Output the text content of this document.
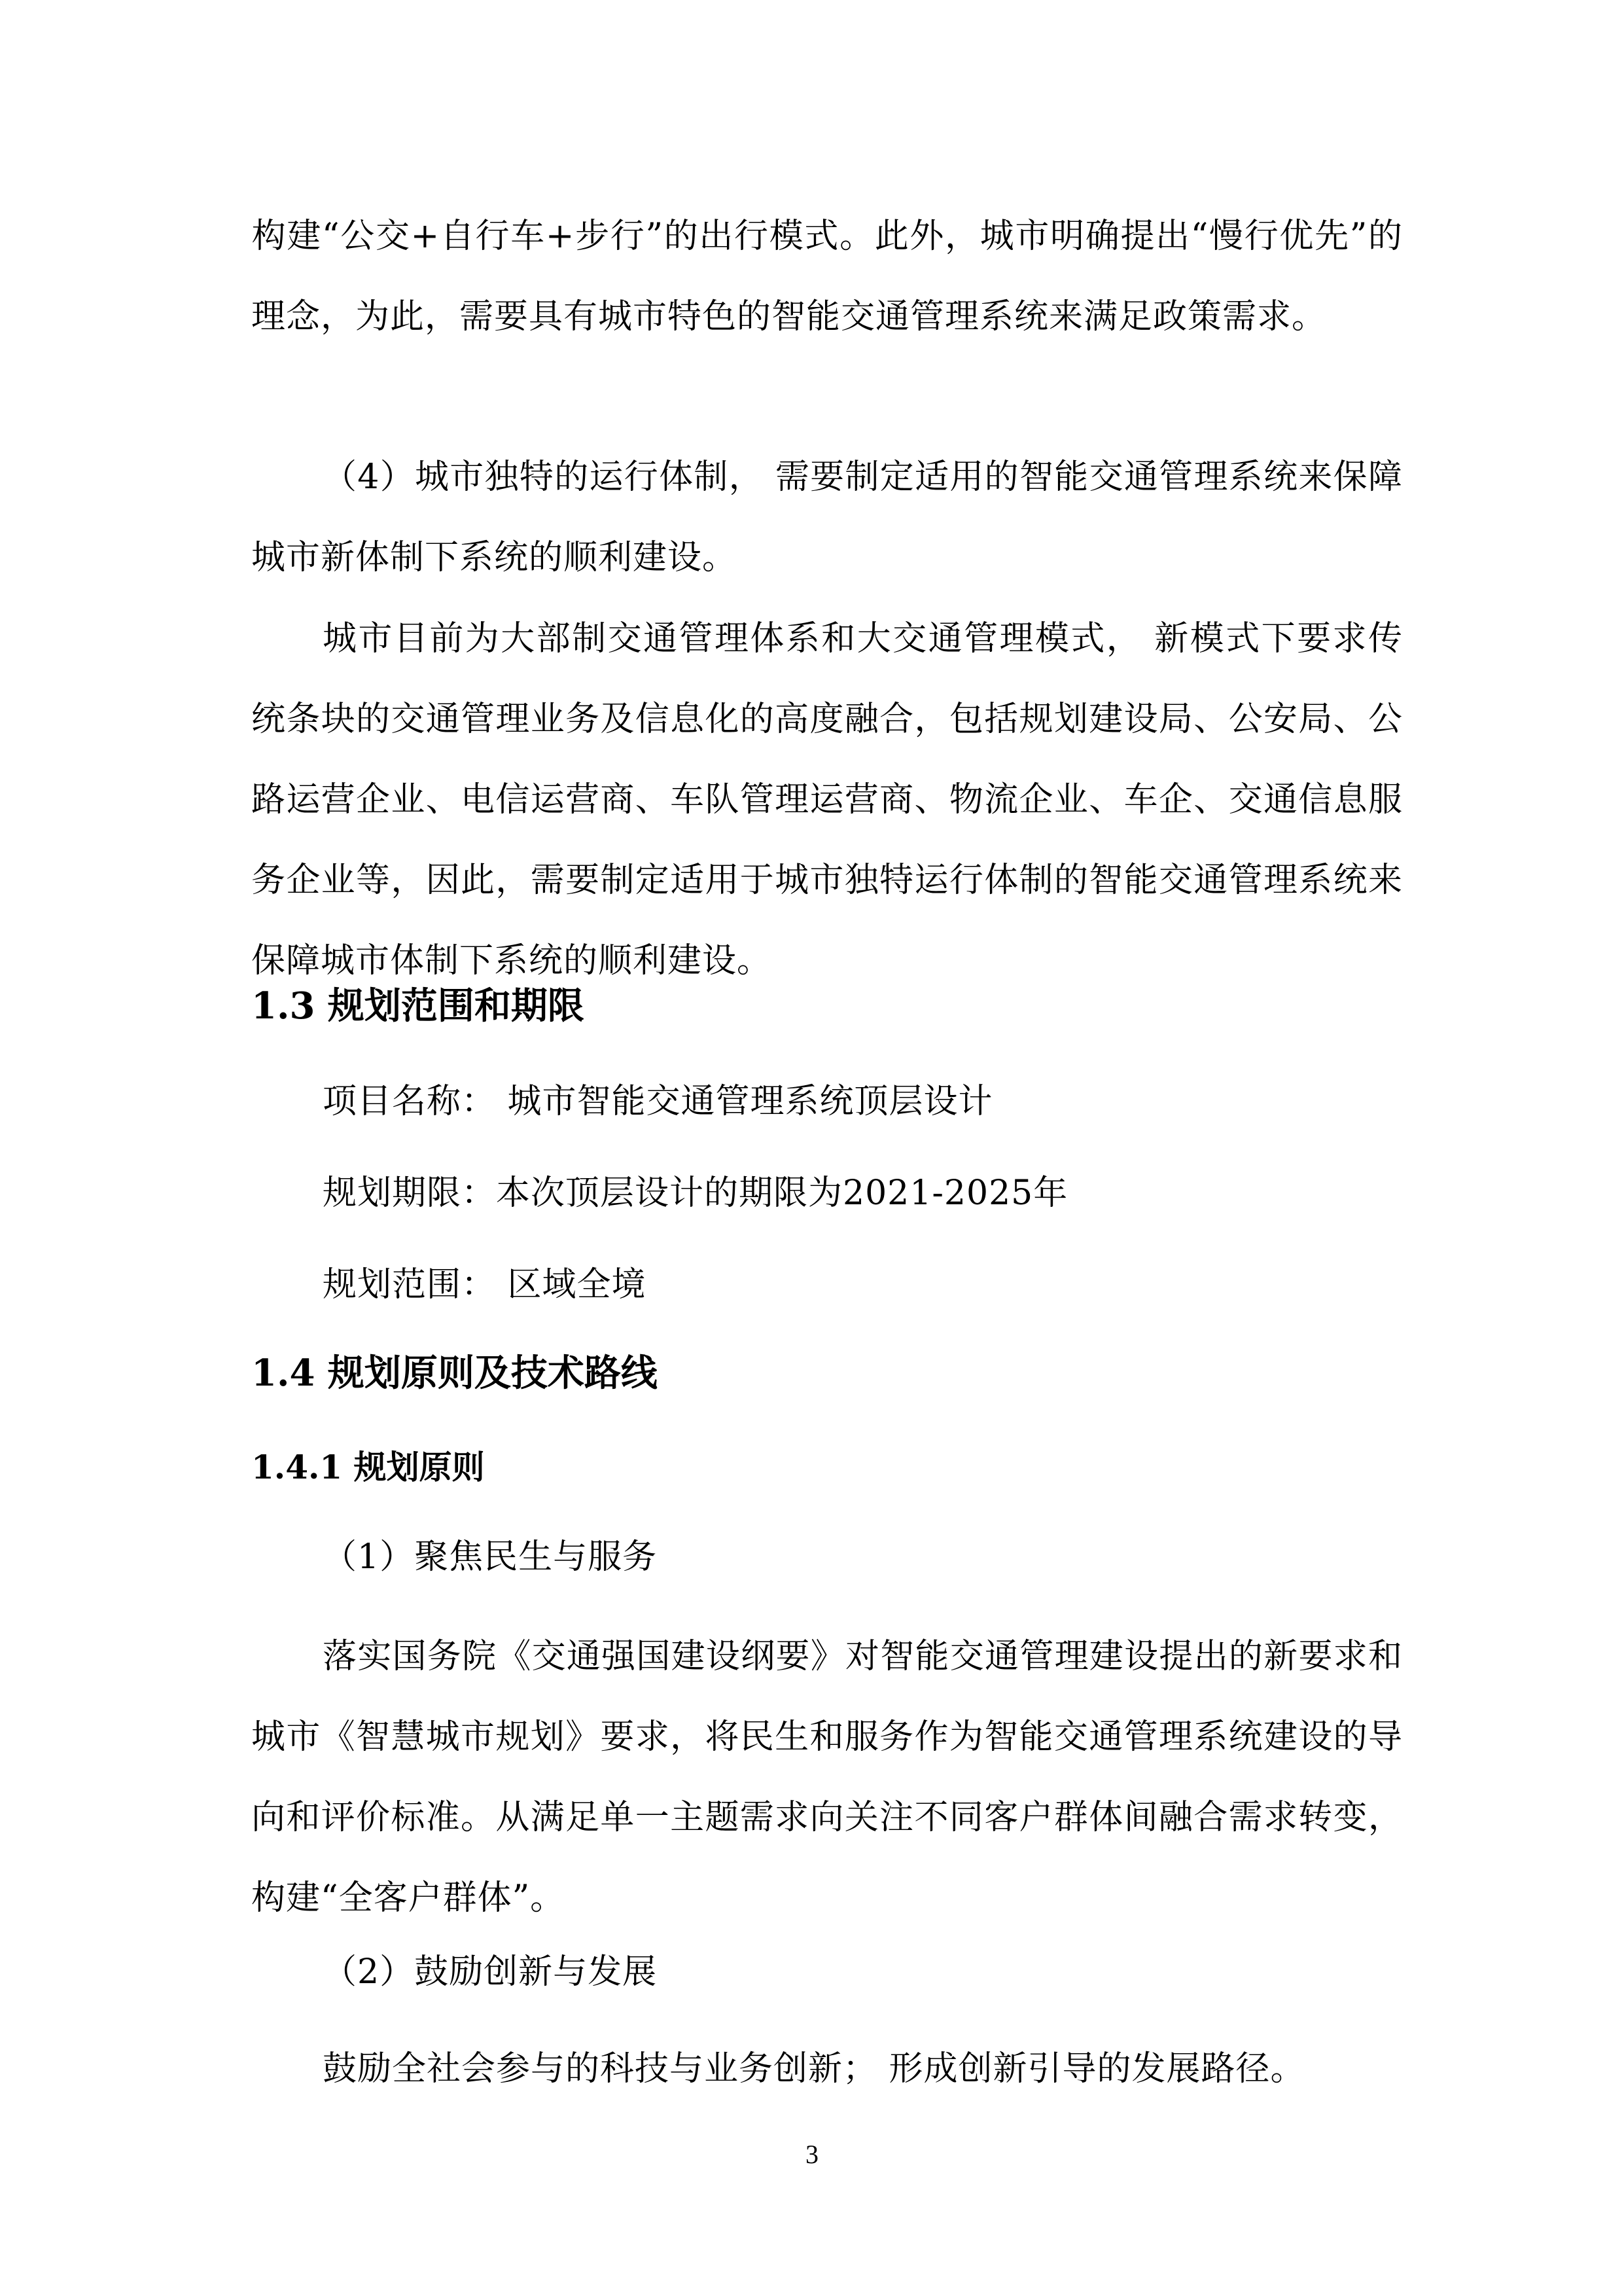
构建“公交+自行车+步行”的出行模式。此外，城市明确提出“慢行优先”的理念，为此，需要具有城市特色的智能交通管理系统来满足政策需求。

（4）城市独特的运行体制， 需要制定适用的智能交通管理系统来保障城市新体制下系统的顺利建设。

城市目前为大部制交通管理体系和大交通管理模式， 新模式下要求传统条块的交通管理业务及信息化的高度融合，包括规划建设局、公安局、公路运营企业、电信运营商、车队管理运营商、物流企业、车企、交通信息服务企业等，因此，需要制定适用于城市独特运行体制的智能交通管理系统来保障城市体制下系统的顺利建设。

1.3 规划范围和期限
项目名称： 城市智能交通管理系统顶层设计
规划期限：本次顶层设计的期限为2021-2025年
规划范围： 区域全境
1.4 规划原则及技术路线
1.4.1 规划原则
（1）聚焦民生与服务

落实国务院《交通强国建设纲要》对智能交通管理建设提出的新要求和城市《智慧城市规划》要求，将民生和服务作为智能交通管理系统建设的导向和评价标准。从满足单一主题需求向关注不同客户群体间融合需求转变，构建“全客户群体”。

（2）鼓励创新与发展

鼓励全社会参与的科技与业务创新； 形成创新引导的发展路径。

3
